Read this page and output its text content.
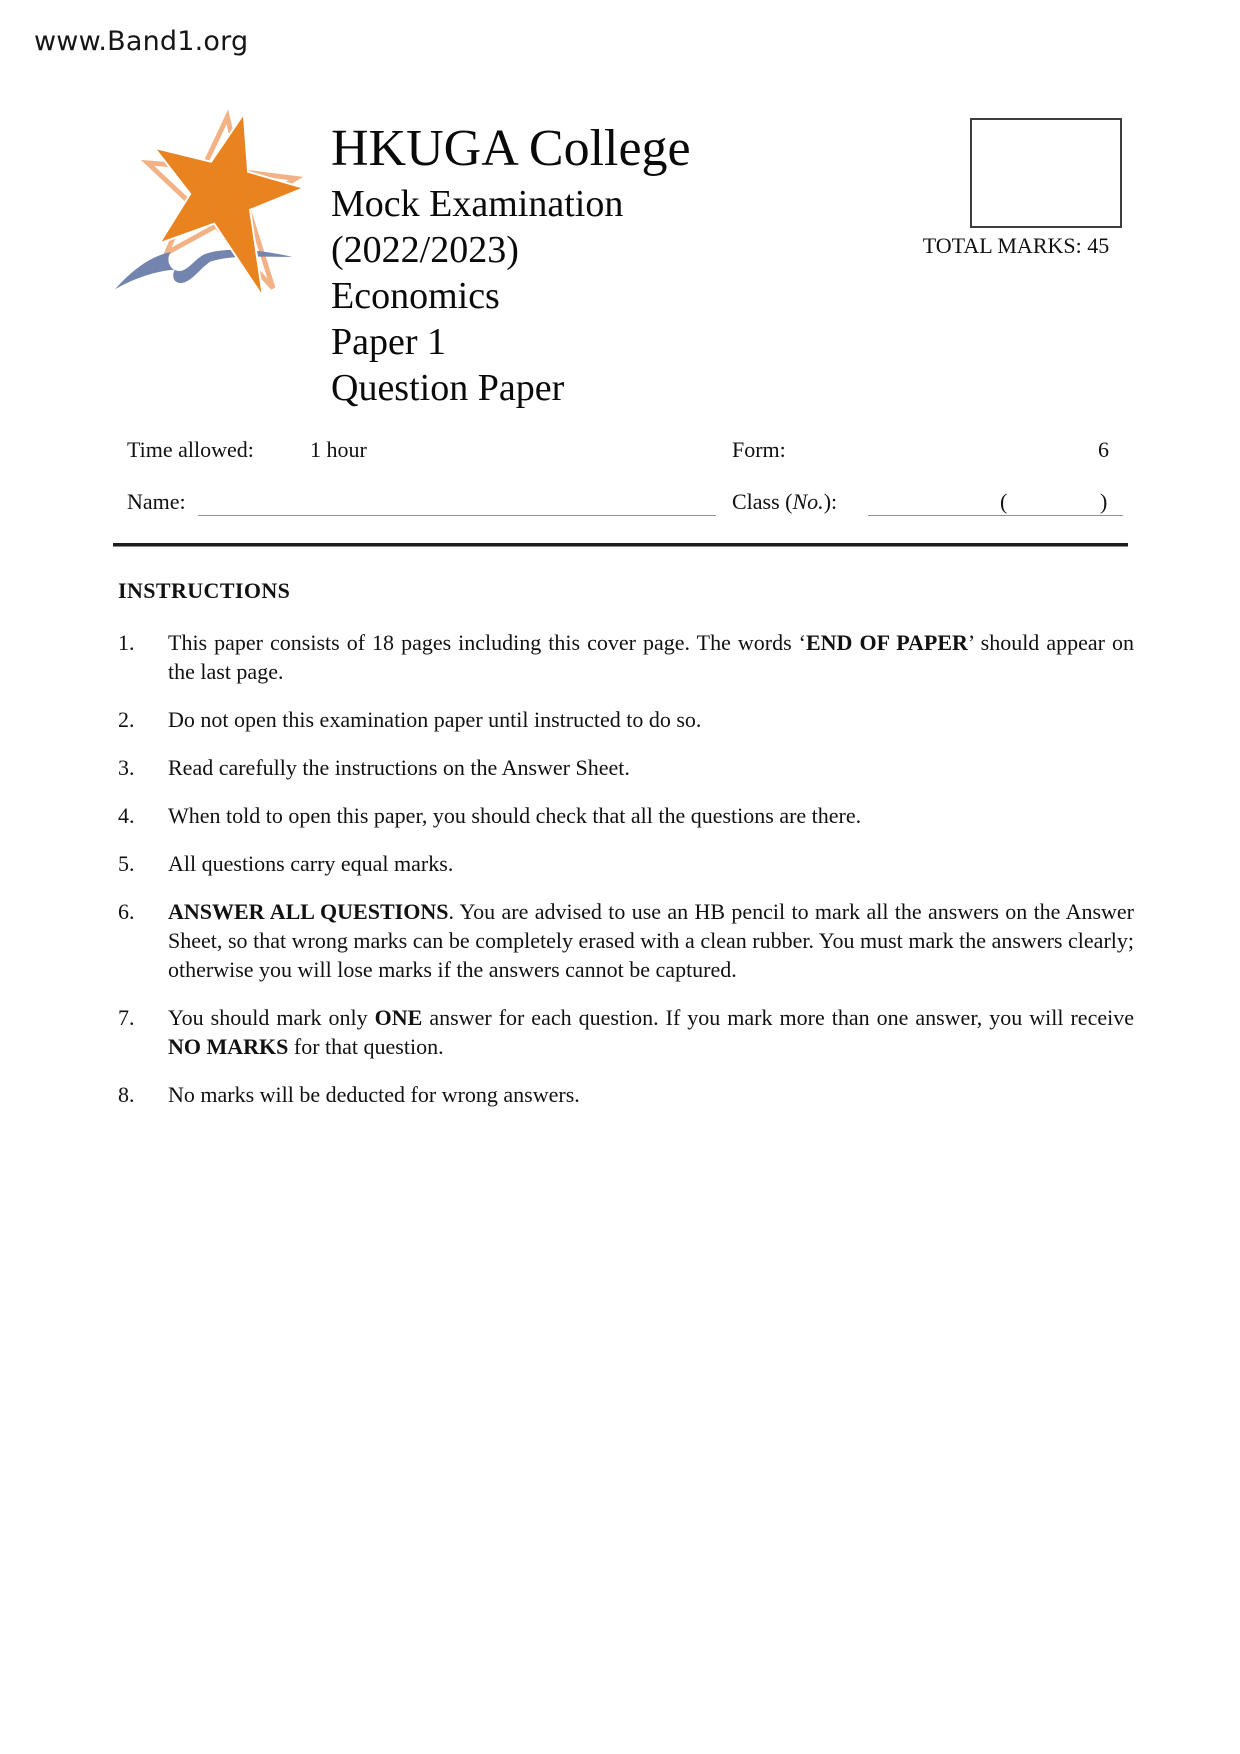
www.Band1.org
HKUGA College
Mock Examination
(2022/2023)
Economics
Paper 1
Question Paper
TOTAL MARKS: 45
Time allowed:	1 hour	Form:	6
Name:	Class (No.):	(	)
INSTRUCTIONS
1.	This paper consists of 18 pages including this cover page. The words ‘END OF PAPER’ should appear on the last page.
2.	Do not open this examination paper until instructed to do so.
3.	Read carefully the instructions on the Answer Sheet.
4.	When told to open this paper, you should check that all the questions are there.
5.	All questions carry equal marks.
6.	ANSWER ALL QUESTIONS. You are advised to use an HB pencil to mark all the answers on the Answer Sheet, so that wrong marks can be completely erased with a clean rubber. You must mark the answers clearly; otherwise you will lose marks if the answers cannot be captured.
7.	You should mark only ONE answer for each question. If you mark more than one answer, you will receive NO MARKS for that question.
8.	No marks will be deducted for wrong answers.
